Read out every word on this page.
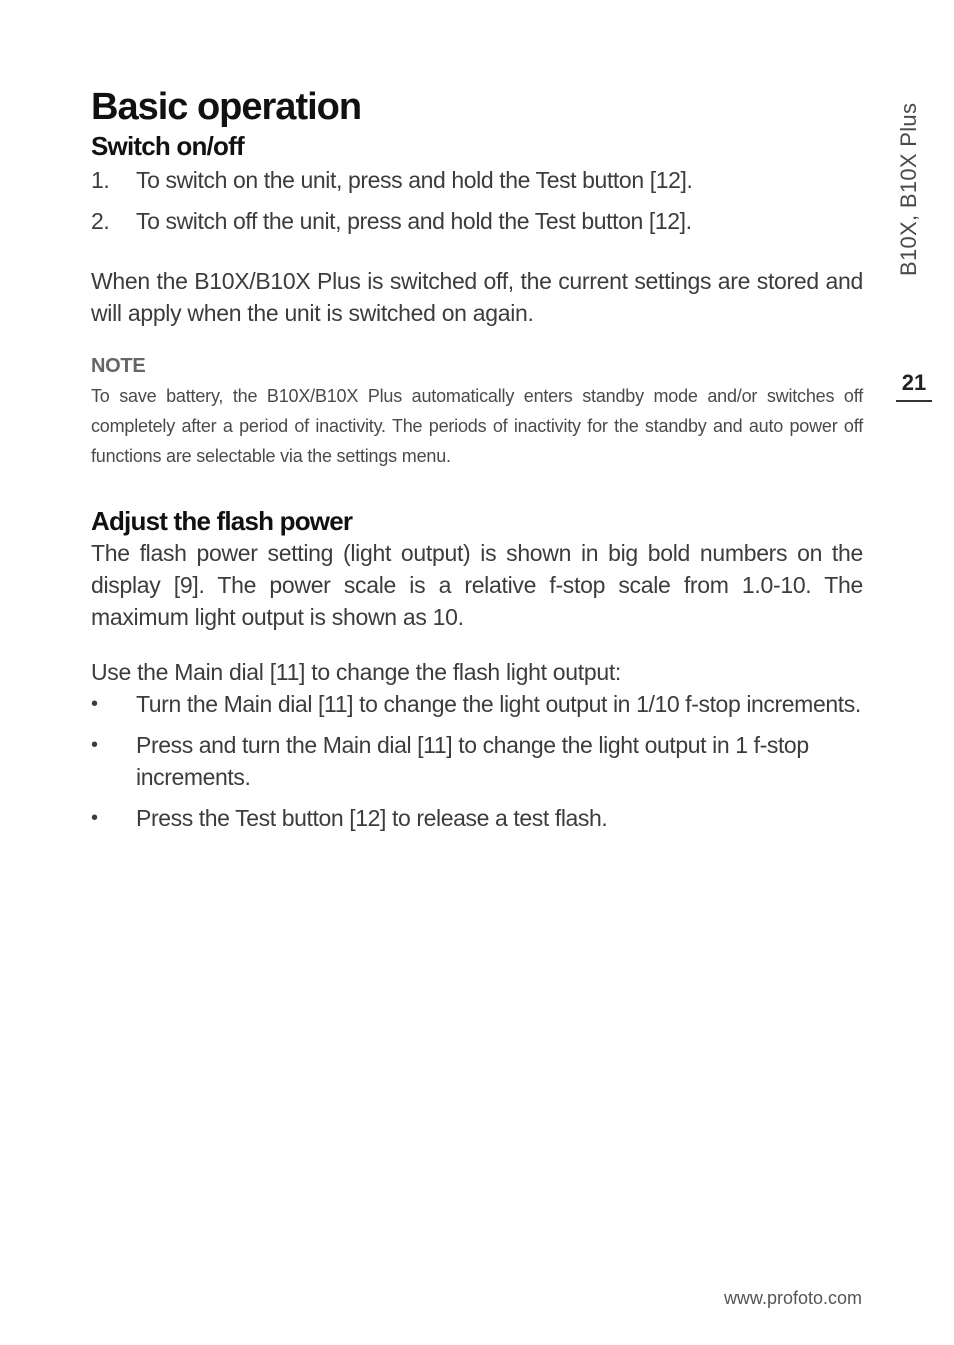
B10X, B10X Plus
21
Basic operation
Switch on/off
1. To switch on the unit, press and hold the Test button [12].
2. To switch off the unit, press and hold the Test button [12].

When the B10X/B10X Plus is switched off, the current settings are stored and will apply when the unit is switched on again.

NOTE

To save battery, the B10X/B10X Plus automatically enters standby mode and/or switches off completely after a period of inactivity. The periods of inactivity for the standby and auto power off functions are selectable via the settings menu.

Adjust the flash power

The flash power setting (light output) is shown in big bold numbers on the display [9]. The power scale is a relative f-stop scale from 1.0-10. The maximum light output is shown as 10.

Use the Main dial [11] to change the flash light output:

• Turn the Main dial [11] to change the light output in 1/10 f-stop increments.
• Press and turn the Main dial [11] to change the light output in 1 f-stop increments.
• Press the Test button [12] to release a test flash.
www.profoto.com
